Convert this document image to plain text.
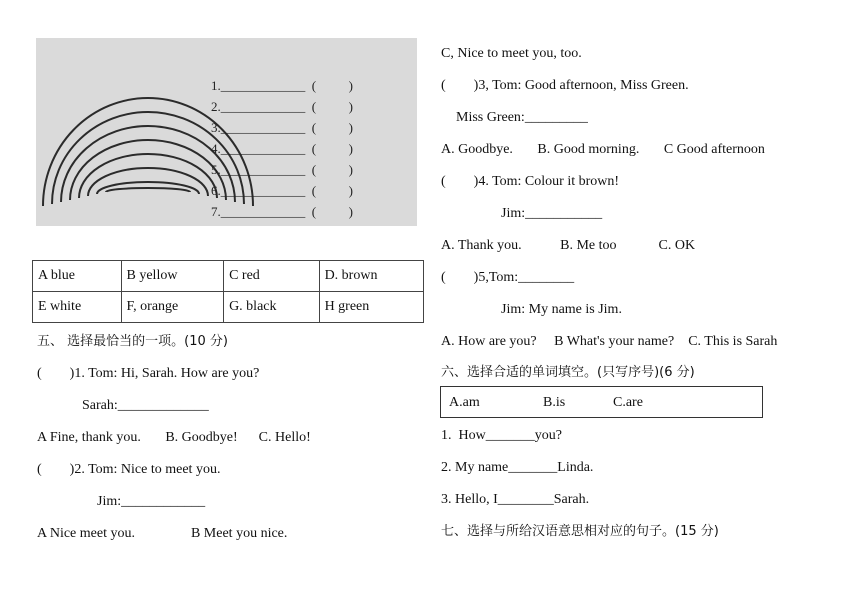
1._____________ (          )
2._____________ (          )
3._____________ (          )
4._____________ (          )
5._____________ (          )
6._____________ (          )
7._____________ (          )
A blue	B yellow	C red	D. brown
E white	F, orange	G. black	H green
五、 选择最恰当的一项。(10 分)
(        )1. Tom: Hi, Sarah. How are you?
Sarah:_____________
A Fine, thank you.       B. Goodbye!      C. Hello!
(        )2. Tom: Nice to meet you.
Jim:____________
A Nice meet you.                B Meet you nice.
C, Nice to meet you, too.
(        )3, Tom: Good afternoon, Miss Green.
Miss Green:_________
A. Goodbye.       B. Good morning.       C Good afternoon
(        )4. Tom: Colour it brown!
Jim:___________
A. Thank you.           B. Me too            C. OK
(        )5,Tom:________
Jim: My name is Jim.
A. How are you?     B What's your name?    C. This is Sarah
六、选择合适的单词填空。(只写序号)(6 分)
A.am	B.is	C.are
1.  How_______you?
2. My name_______Linda.
3. Hello, I________Sarah.
七、选择与所给汉语意思相对应的句子。(15 分)
